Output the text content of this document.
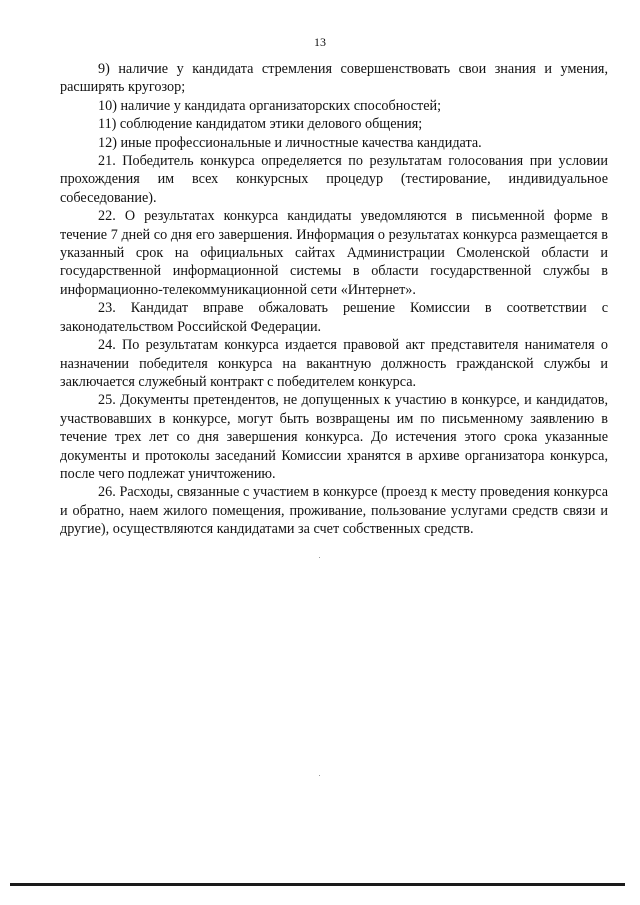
13

9) наличие у кандидата стремления совершенствовать свои знания и умения, расширять кругозор;

10) наличие у кандидата организаторских способностей;

11) соблюдение кандидатом этики делового общения;

12) иные профессиональные и личностные качества кандидата.

21. Победитель конкурса определяется по результатам голосования при условии прохождения им всех конкурсных процедур (тестирование, индивидуальное собеседование).

22. О результатах конкурса кандидаты уведомляются в письменной форме в течение 7 дней со дня его завершения. Информация о результатах конкурса размещается в указанный срок на официальных сайтах Администрации Смоленской области и государственной информационной системы в области государственной службы в информационно-телекоммуникационной сети «Интернет».

23. Кандидат вправе обжаловать решение Комиссии в соответствии с законодательством Российской Федерации.

24. По результатам конкурса издается правовой акт представителя нанимателя о назначении победителя конкурса на вакантную должность гражданской службы и заключается служебный контракт с победителем конкурса.

25. Документы претендентов, не допущенных к участию в конкурсе, и кандидатов, участвовавших в конкурсе, могут быть возвращены им по письменному заявлению в течение трех лет со дня завершения конкурса. До истечения этого срока указанные документы и протоколы заседаний Комиссии хранятся в архиве организатора конкурса, после чего подлежат уничтожению.

26. Расходы, связанные с участием в конкурсе (проезд к месту проведения конкурса и обратно, наем жилого помещения, проживание, пользование услугами средств связи и другие), осуществляются кандидатами за счет собственных средств.
